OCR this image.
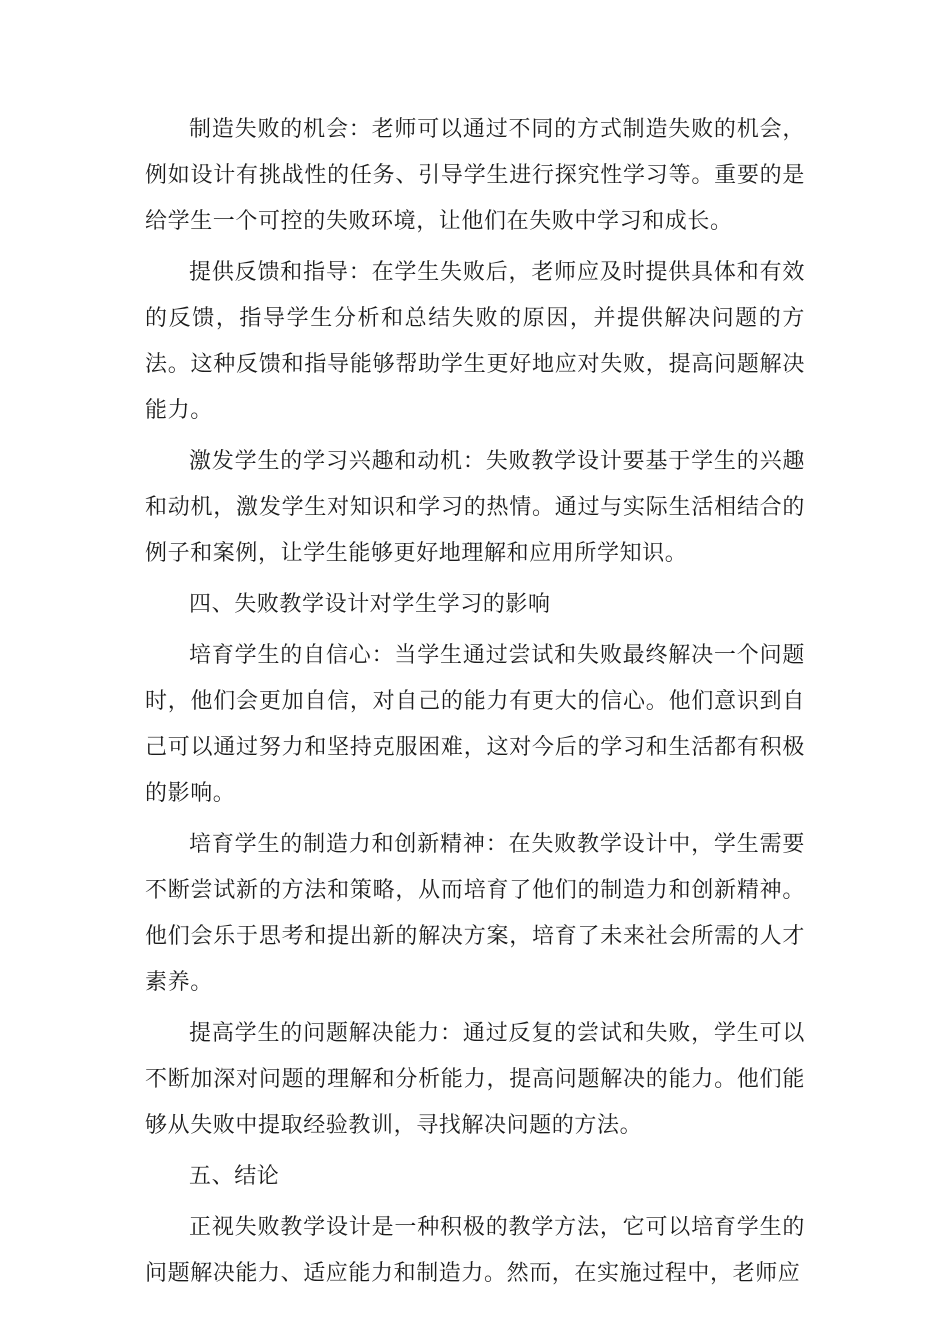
制造失败的机会：老师可以通过不同的方式制造失败的机会，例如设计有挑战性的任务、引导学生进行探究性学习等。重要的是给学生一个可控的失败环境，让他们在失败中学习和成长。

提供反馈和指导：在学生失败后，老师应及时提供具体和有效的反馈，指导学生分析和总结失败的原因，并提供解决问题的方法。这种反馈和指导能够帮助学生更好地应对失败，提高问题解决能力。

激发学生的学习兴趣和动机：失败教学设计要基于学生的兴趣和动机，激发学生对知识和学习的热情。通过与实际生活相结合的例子和案例，让学生能够更好地理解和应用所学知识。

四、失败教学设计对学生学习的影响

培育学生的自信心：当学生通过尝试和失败最终解决一个问题时，他们会更加自信，对自己的能力有更大的信心。他们意识到自己可以通过努力和坚持克服困难，这对今后的学习和生活都有积极的影响。

培育学生的制造力和创新精神：在失败教学设计中，学生需要不断尝试新的方法和策略，从而培育了他们的制造力和创新精神。他们会乐于思考和提出新的解决方案，培育了未来社会所需的人才素养。

提高学生的问题解决能力：通过反复的尝试和失败，学生可以不断加深对问题的理解和分析能力，提高问题解决的能力。他们能够从失败中提取经验教训，寻找解决问题的方法。

五、结论

正视失败教学设计是一种积极的教学方法，它可以培育学生的问题解决能力、适应能力和制造力。然而，在实施过程中，老师应
